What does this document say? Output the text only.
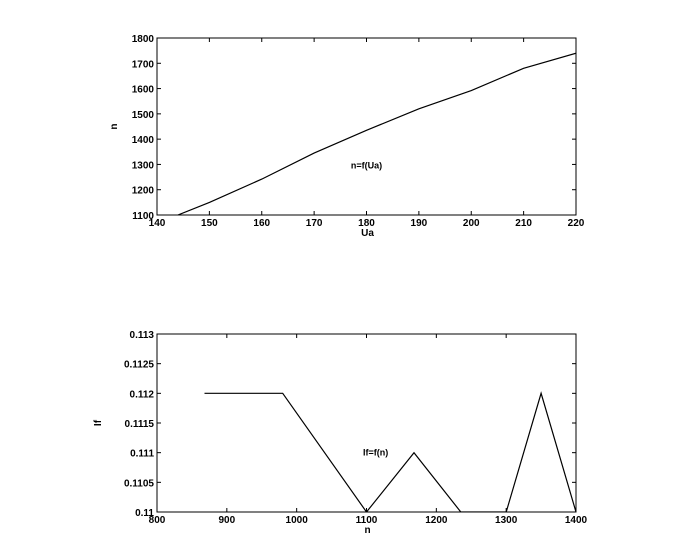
140	150	160	170	180	190	200	210	220
1100
1200
1300
1400
1500
1600
1700
1800
Ua
n
n=f(Ua)
800	900	1000	1100	1200	1300	1400
0.11
0.1105
0.111
0.1115
0.112
0.1125
0.113
n
If
If=f(n)
